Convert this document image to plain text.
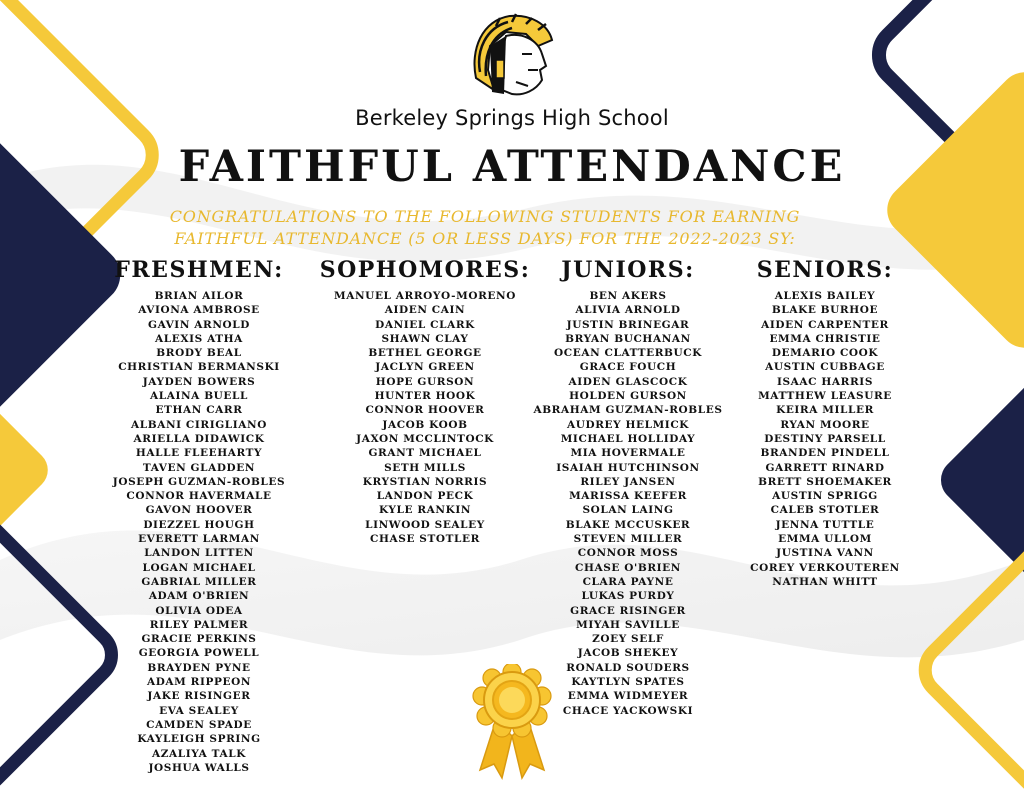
Berkeley Springs High School
FAITHFUL ATTENDANCE
CONGRATULATIONS TO THE FOLLOWING STUDENTS FOR EARNING
FAITHFUL ATTENDANCE (5 OR LESS DAYS) FOR THE 2022-2023 SY:
FRESHMEN:
BRIAN AILOR
AVIONA AMBROSE
GAVIN ARNOLD
ALEXIS ATHA
BRODY BEAL
CHRISTIAN BERMANSKI
JAYDEN BOWERS
ALAINA BUELL
ETHAN CARR
ALBANI CIRIGLIANO
ARIELLA DIDAWICK
HALLE FLEEHARTY
TAVEN GLADDEN
JOSEPH GUZMAN-ROBLES
CONNOR HAVERMALE
GAVON HOOVER
DIEZZEL HOUGH
EVERETT LARMAN
LANDON LITTEN
LOGAN MICHAEL
GABRIAL MILLER
ADAM O'BRIEN
OLIVIA ODEA
RILEY PALMER
GRACIE PERKINS
GEORGIA POWELL
BRAYDEN PYNE
ADAM RIPPEON
JAKE RISINGER
EVA SEALEY
CAMDEN SPADE
KAYLEIGH SPRING
AZALIYA TALK
JOSHUA WALLS
SOPHOMORES:
MANUEL ARROYO-MORENO
AIDEN CAIN
DANIEL CLARK
SHAWN CLAY
BETHEL GEORGE
JACLYN GREEN
HOPE GURSON
HUNTER HOOK
CONNOR HOOVER
JACOB KOOB
JAXON MCCLINTOCK
GRANT MICHAEL
SETH MILLS
KRYSTIAN NORRIS
LANDON PECK
KYLE RANKIN
LINWOOD SEALEY
CHASE STOTLER
JUNIORS:
BEN AKERS
ALIVIA ARNOLD
JUSTIN BRINEGAR
BRYAN BUCHANAN
OCEAN CLATTERBUCK
GRACE FOUCH
AIDEN GLASCOCK
HOLDEN GURSON
ABRAHAM GUZMAN-ROBLES
AUDREY HELMICK
MICHAEL HOLLIDAY
MIA HOVERMALE
ISAIAH HUTCHINSON
RILEY JANSEN
MARISSA KEEFER
SOLAN LAING
BLAKE MCCUSKER
STEVEN MILLER
CONNOR MOSS
CHASE O'BRIEN
CLARA PAYNE
LUKAS PURDY
GRACE RISINGER
MIYAH SAVILLE
ZOEY SELF
JACOB SHEKEY
RONALD SOUDERS
KAYTLYN SPATES
EMMA WIDMEYER
CHACE YACKOWSKI
SENIORS:
ALEXIS BAILEY
BLAKE BURHOE
AIDEN CARPENTER
EMMA CHRISTIE
DEMARIO COOK
AUSTIN CUBBAGE
ISAAC HARRIS
MATTHEW LEASURE
KEIRA MILLER
RYAN MOORE
DESTINY PARSELL
BRANDEN PINDELL
GARRETT RINARD
BRETT SHOEMAKER
AUSTIN SPRIGG
CALEB STOTLER
JENNA TUTTLE
EMMA ULLOM
JUSTINA VANN
COREY VERKOUTEREN
NATHAN WHITT
